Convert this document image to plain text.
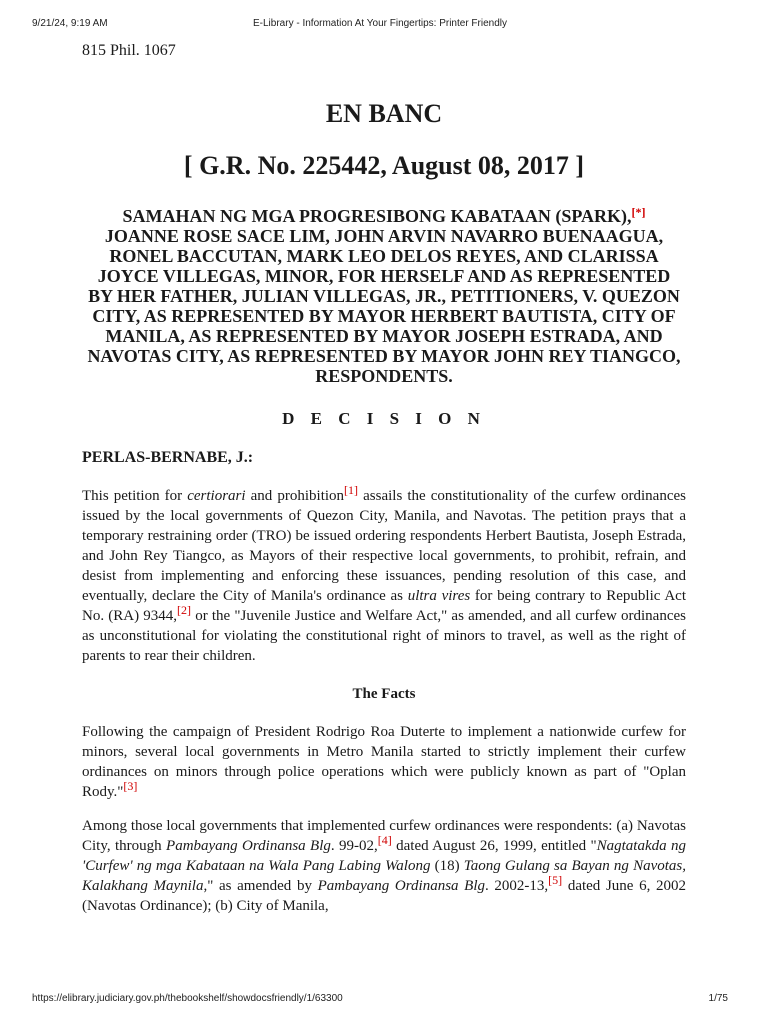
9/21/24, 9:19 AM	E-Library - Information At Your Fingertips: Printer Friendly

815 Phil. 1067

EN BANC
[ G.R. No. 225442, August 08, 2017 ]
SAMAHAN NG MGA PROGRESIBONG KABATAAN (SPARK),[*] JOANNE ROSE SACE LIM, JOHN ARVIN NAVARRO BUENAAGUA, RONEL BACCUTAN, MARK LEO DELOS REYES, AND CLARISSA JOYCE VILLEGAS, MINOR, FOR HERSELF AND AS REPRESENTED BY HER FATHER, JULIAN VILLEGAS, JR., PETITIONERS, V. QUEZON CITY, AS REPRESENTED BY MAYOR HERBERT BAUTISTA, CITY OF MANILA, AS REPRESENTED BY MAYOR JOSEPH ESTRADA, AND NAVOTAS CITY, AS REPRESENTED BY MAYOR JOHN REY TIANGCO, RESPONDENTS.
D E C I S I O N
PERLAS-BERNABE, J.:

This petition for certiorari and prohibition[1] assails the constitutionality of the curfew ordinances issued by the local governments of Quezon City, Manila, and Navotas. The petition prays that a temporary restraining order (TRO) be issued ordering respondents Herbert Bautista, Joseph Estrada, and John Rey Tiangco, as Mayors of their respective local governments, to prohibit, refrain, and desist from implementing and enforcing these issuances, pending resolution of this case, and eventually, declare the City of Manila's ordinance as ultra vires for being contrary to Republic Act No. (RA) 9344,[2] or the "Juvenile Justice and Welfare Act," as amended, and all curfew ordinances as unconstitutional for violating the constitutional right of minors to travel, as well as the right of parents to rear their children.

The Facts

Following the campaign of President Rodrigo Roa Duterte to implement a nationwide curfew for minors, several local governments in Metro Manila started to strictly implement their curfew ordinances on minors through police operations which were publicly known as part of "Oplan Rody."[3]

Among those local governments that implemented curfew ordinances were respondents: (a) Navotas City, through Pambayang Ordinansa Blg. 99-02,[4] dated August 26, 1999, entitled "Nagtatakda ng 'Curfew' ng mga Kabataan na Wala Pang Labing Walong (18) Taong Gulang sa Bayan ng Navotas, Kalakhang Maynila," as amended by Pambayang Ordinansa Blg. 2002-13,[5] dated June 6, 2002 (Navotas Ordinance); (b) City of Manila,

https://elibrary.judiciary.gov.ph/thebookshelf/showdocsfriendly/1/63300	1/75
